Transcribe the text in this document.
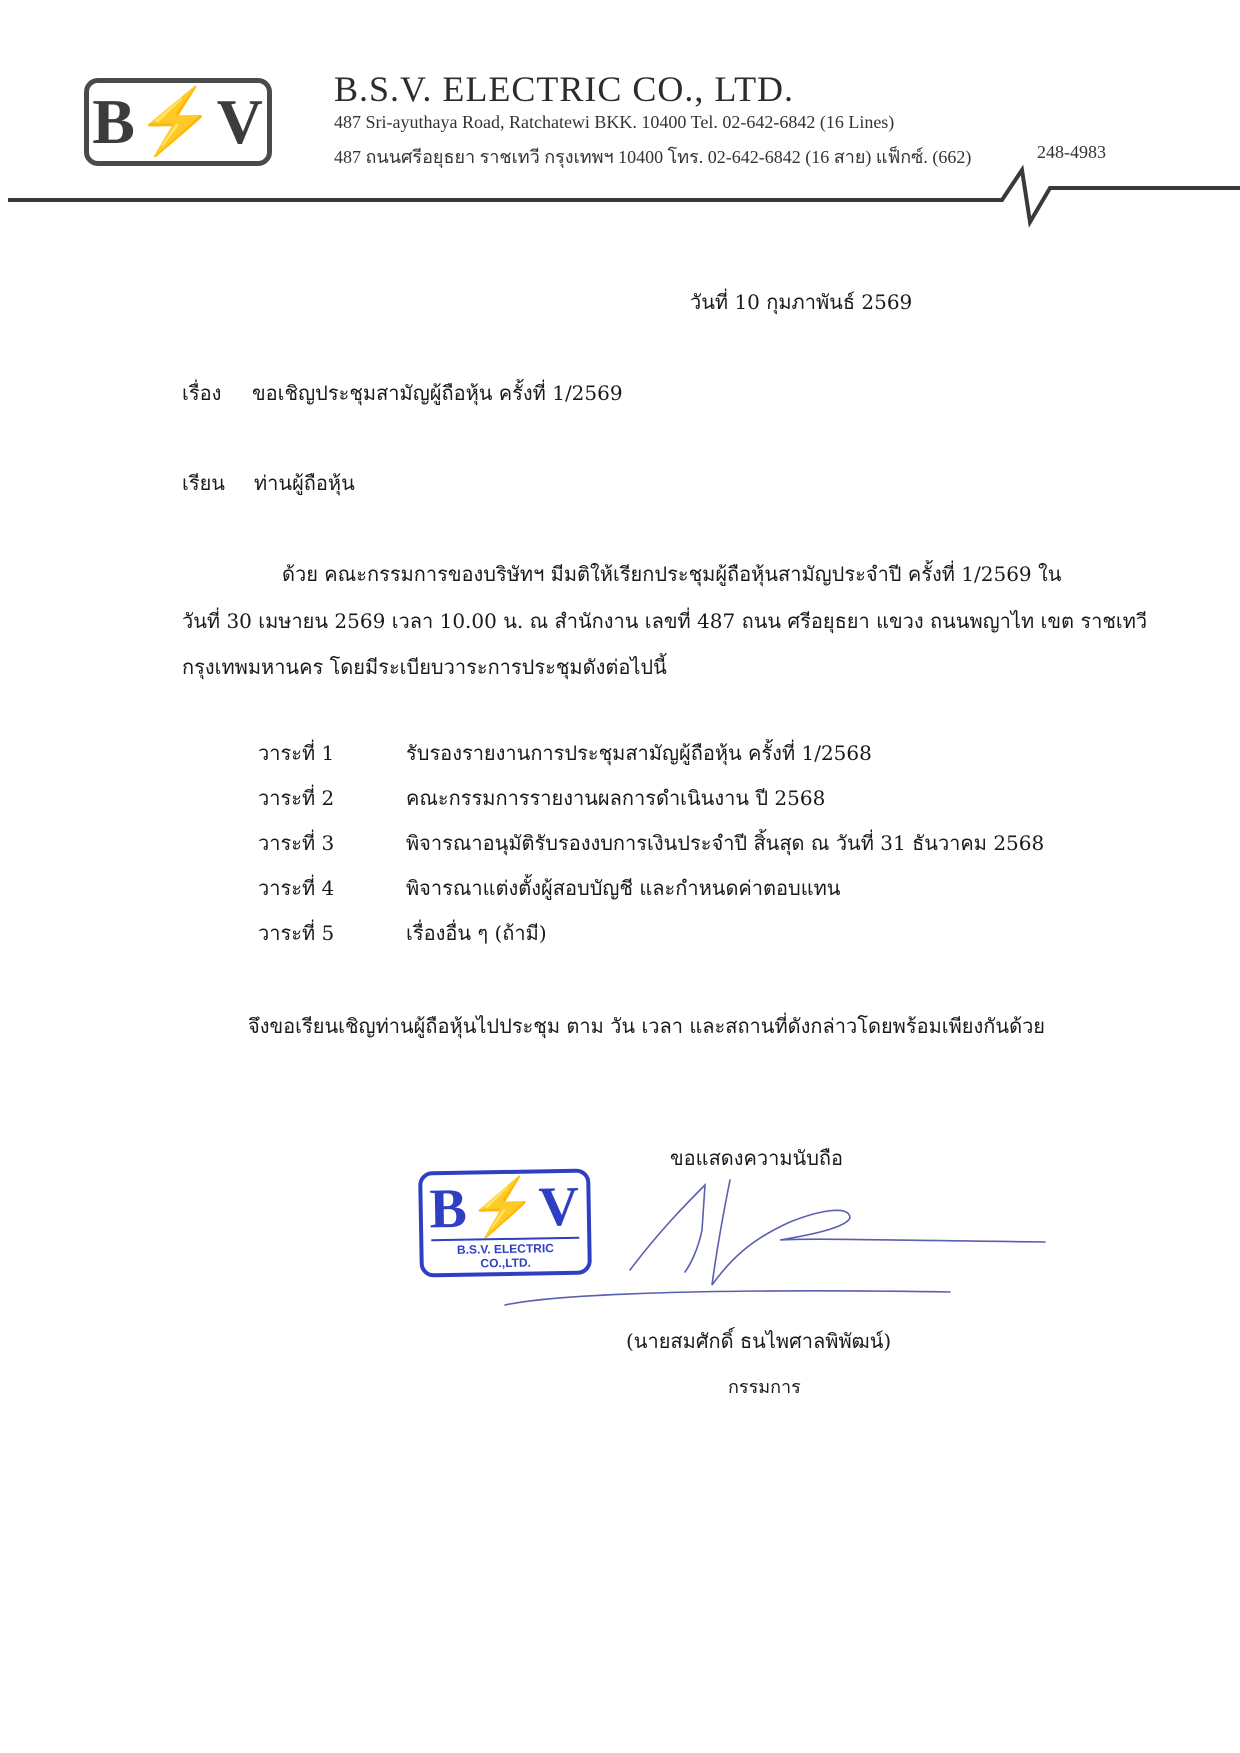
B⚡V B.S.V. ELECTRIC CO., LTD.
487 Sri-ayuthaya Road, Ratchatewi BKK. 10400 Tel. 02-642-6842 (16 Lines)
487 ถนนศรีอยุธยา ราชเทวี กรุงเทพฯ 10400 โทร. 02-642-6842 (16 สาย) แฟ็กซ์. (662)	248-4983
วันที่ 10 กุมภาพันธ์ 2569
เรื่อง ขอเชิญประชุมสามัญผู้ถือหุ้น ครั้งที่ 1/2569
เรียน ท่านผู้ถือหุ้น
ด้วย คณะกรรมการของบริษัทฯ มีมติให้เรียกประชุมผู้ถือหุ้นสามัญประจำปี ครั้งที่ 1/2569 ใน
วันที่ 30 เมษายน 2569 เวลา 10.00 น. ณ สำนักงาน เลขที่ 487 ถนน ศรีอยุธยา แขวง ถนนพญาไท เขต ราชเทวี
กรุงเทพมหานคร โดยมีระเบียบวาระการประชุมดังต่อไปนี้
วาระที่ 1	รับรองรายงานการประชุมสามัญผู้ถือหุ้น ครั้งที่ 1/2568
วาระที่ 2	คณะกรรมการรายงานผลการดำเนินงาน ปี 2568
วาระที่ 3	พิจารณาอนุมัติรับรองงบการเงินประจำปี สิ้นสุด ณ วันที่ 31 ธันวาคม 2568
วาระที่ 4	พิจารณาแต่งตั้งผู้สอบบัญชี และกำหนดค่าตอบแทน
วาระที่ 5	เรื่องอื่น ๆ (ถ้ามี)
จึงขอเรียนเชิญท่านผู้ถือหุ้นไปประชุม ตาม วัน เวลา และสถานที่ดังกล่าวโดยพร้อมเพียงกันด้วย
ขอแสดงความนับถือ
B⚡V
B.S.V. ELECTRIC CO.,LTD.
(นายสมศักดิ์ ธนไพศาลพิพัฒน์)
กรรมการ
